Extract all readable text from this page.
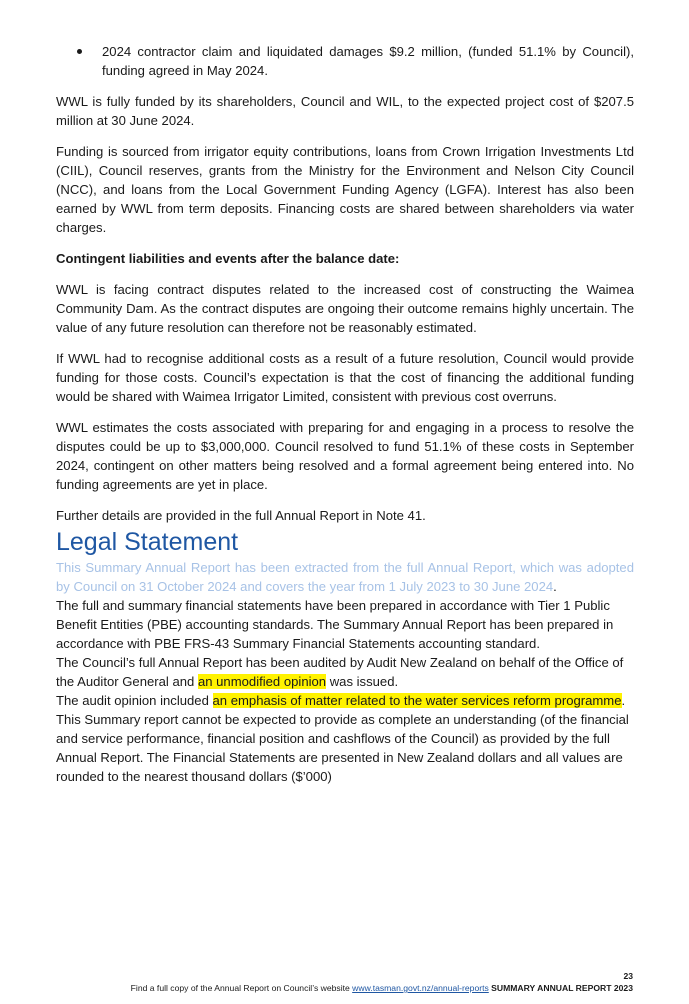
2024 contractor claim and liquidated damages $9.2 million, (funded 51.1% by Council), funding agreed in May 2024.

WWL is fully funded by its shareholders, Council and WIL, to the expected project cost of $207.5 million at 30 June 2024.

Funding is sourced from irrigator equity contributions, loans from Crown Irrigation Investments Ltd (CIIL), Council reserves, grants from the Ministry for the Environment and Nelson City Council (NCC), and loans from the Local Government Funding Agency (LGFA). Interest has also been earned by WWL from term deposits. Financing costs are shared between shareholders via water charges.

Contingent liabilities and events after the balance date:

WWL is facing contract disputes related to the increased cost of constructing the Waimea Community Dam. As the contract disputes are ongoing their outcome remains highly uncertain. The value of any future resolution can therefore not be reasonably estimated.

If WWL had to recognise additional costs as a result of a future resolution, Council would provide funding for those costs. Council’s expectation is that the cost of financing the additional funding would be shared with Waimea Irrigator Limited, consistent with previous cost overruns.

WWL estimates the costs associated with preparing for and engaging in a process to resolve the disputes could be up to $3,000,000. Council resolved to fund 51.1% of these costs in September 2024, contingent on other matters being resolved and a formal agreement being entered into. No funding agreements are yet in place.

Further details are provided in the full Annual Report in Note 41.

Legal Statement

This Summary Annual Report has been extracted from the full Annual Report, which was adopted by Council on 31 October 2024 and covers the year from 1 July 2023 to 30 June 2024.

The full and summary financial statements have been prepared in accordance with Tier 1 Public Benefit Entities (PBE) accounting standards. The Summary Annual Report has been prepared in accordance with PBE FRS-43 Summary Financial Statements accounting standard.

The Council’s full Annual Report has been audited by Audit New Zealand on behalf of the Office of the Auditor General and an unmodified opinion was issued.

The audit opinion included an emphasis of matter related to the water services reform programme.

This Summary report cannot be expected to provide as complete an understanding (of the financial and service performance, financial position and cashflows of the Council) as provided by the full Annual Report. The Financial Statements are presented in New Zealand dollars and all values are rounded to the nearest thousand dollars ($’000)

23
Find a full copy of the Annual Report on Council’s website www.tasman.govt.nz/annual-reports SUMMARY ANNUAL REPORT 2023
